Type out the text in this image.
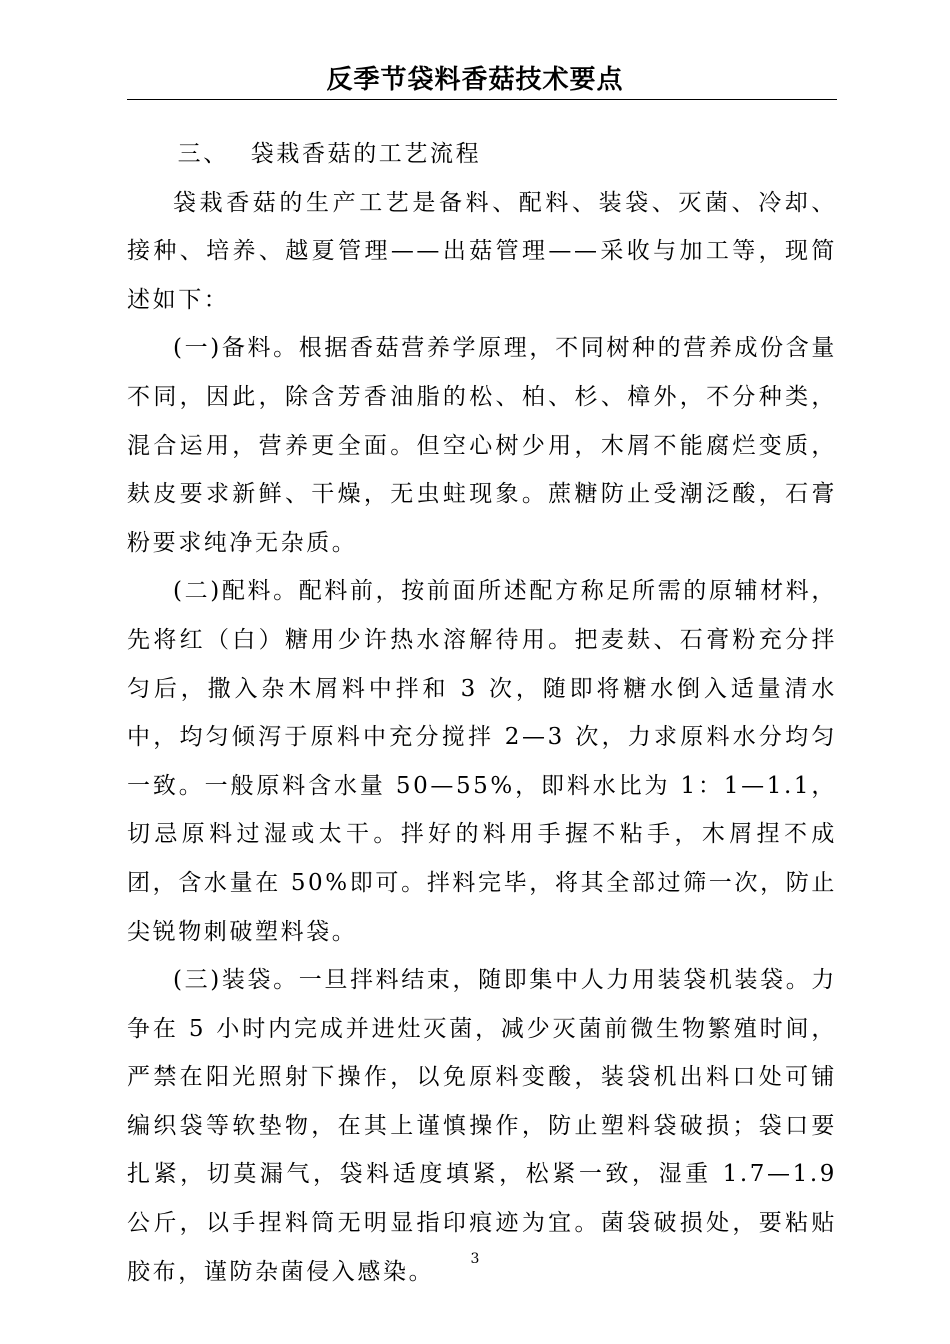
反季节袋料香菇技术要点

三、 袋栽香菇的工艺流程

袋栽香菇的生产工艺是备料、配料、装袋、灭菌、冷却、接种、培养、越夏管理——出菇管理——采收与加工等，现简述如下：

(一)备料。根据香菇营养学原理，不同树种的营养成份含量不同，因此，除含芳香油脂的松、柏、杉、樟外，不分种类，混合运用，营养更全面。但空心树少用，木屑不能腐烂变质，麸皮要求新鲜、干燥，无虫蛀现象。蔗糖防止受潮泛酸，石膏粉要求纯净无杂质。

(二)配料。配料前，按前面所述配方称足所需的原辅材料，先将红（白）糖用少许热水溶解待用。把麦麸、石膏粉充分拌匀后，撒入杂木屑料中拌和 3 次，随即将糖水倒入适量清水中，均匀倾泻于原料中充分搅拌 2—3 次，力求原料水分均匀一致。一般原料含水量 50—55%，即料水比为 1：1—1.1，切忌原料过湿或太干。拌好的料用手握不粘手，木屑捏不成团，含水量在 50%即可。拌料完毕，将其全部过筛一次，防止尖锐物刺破塑料袋。

(三)装袋。一旦拌料结束，随即集中人力用装袋机装袋。力争在 5 小时内完成并进灶灭菌，减少灭菌前微生物繁殖时间，严禁在阳光照射下操作，以免原料变酸，装袋机出料口处可铺编织袋等软垫物，在其上谨慎操作，防止塑料袋破损；袋口要扎紧，切莫漏气，袋料适度填紧，松紧一致，湿重 1.7—1.9 公斤，以手捏料筒无明显指印痕迹为宜。菌袋破损处，要粘贴胶布，谨防杂菌侵入感染。	3
